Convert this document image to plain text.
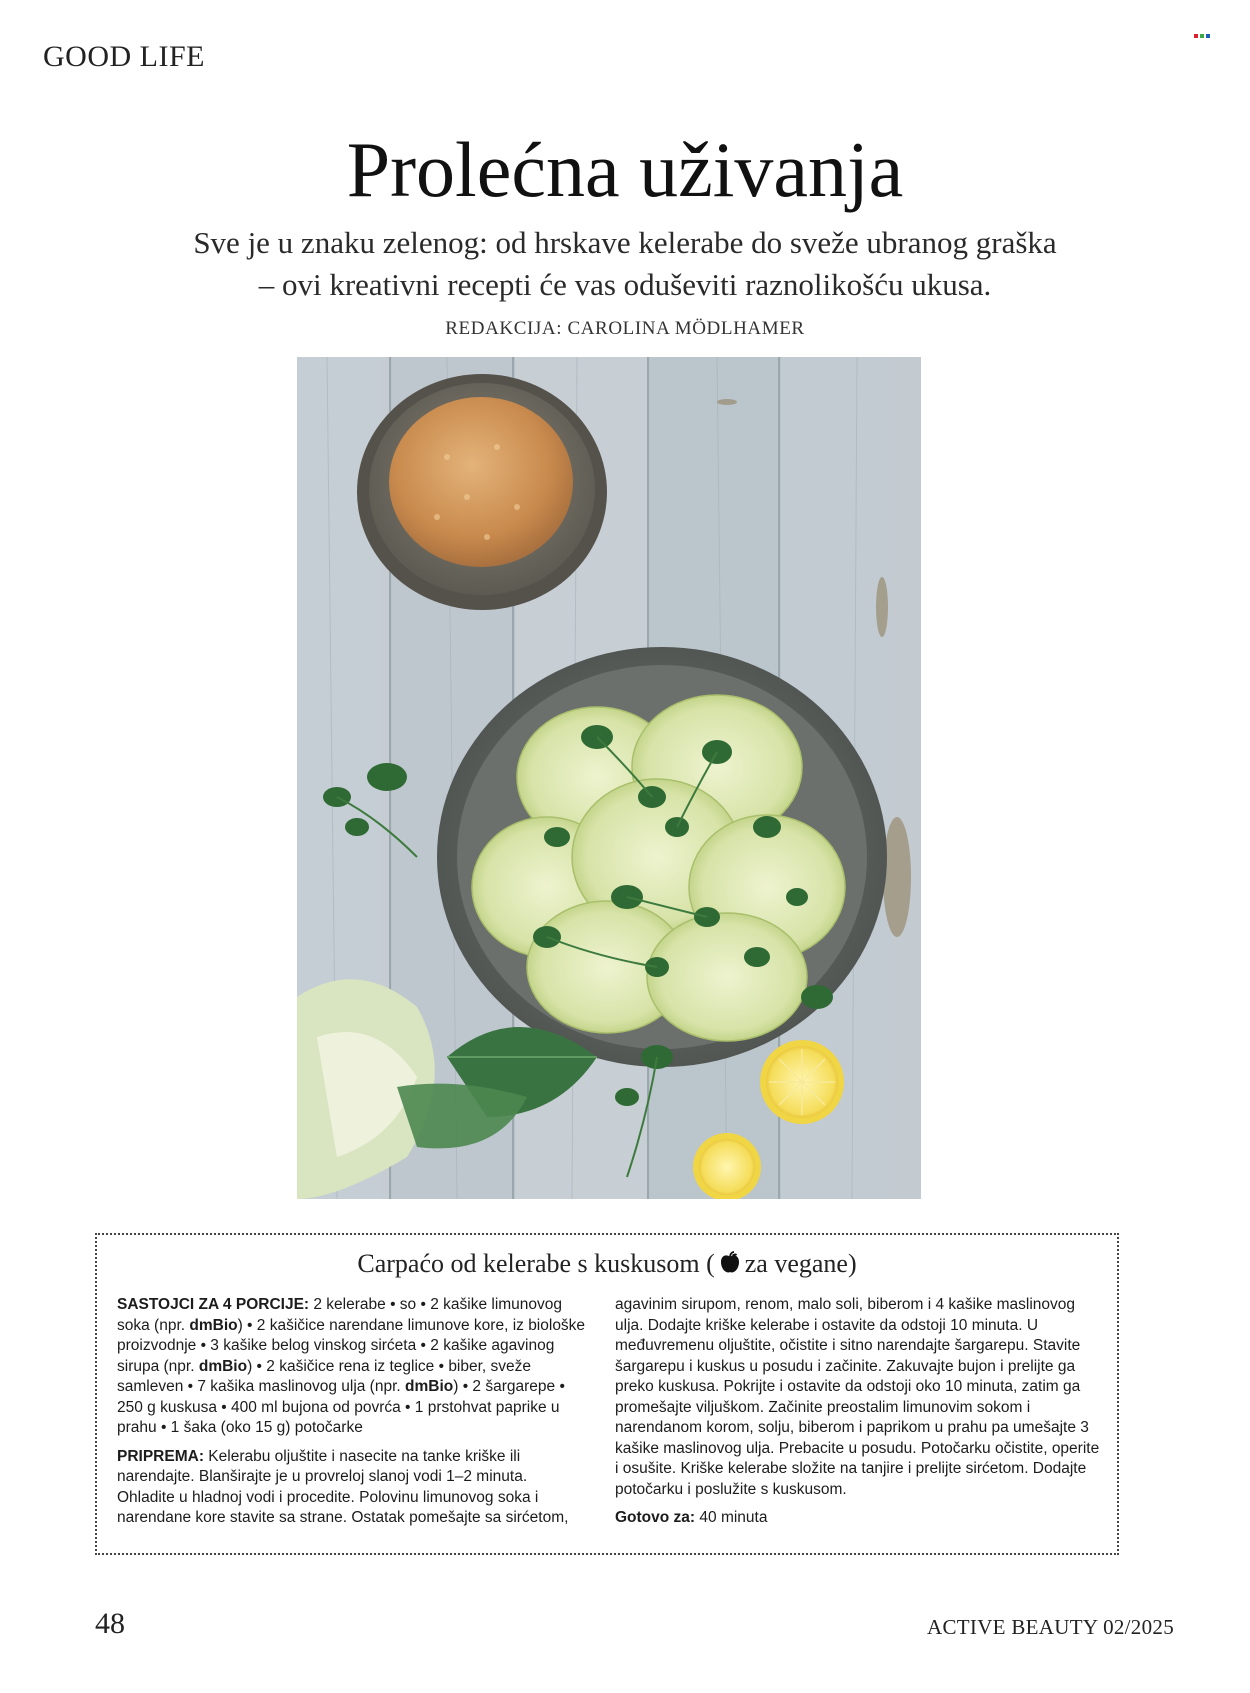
GOOD LIFE
Prolećna uživanja
Sve je u znaku zelenog: od hrskave kelerabe do sveže ubranog graška
– ovi kreativni recepti će vas oduševiti raznolikošću ukusa.
REDAKCIJA: CAROLINA MÖDLHAMER
Carpaćo od kelerabe s kuskusom ( za vegane)

SASTOJCI ZA 4 PORCIJE: 2 kelerabe • so • 2 kašike limunovog soka (npr. dmBio) • 2 kašičice narendane limunove kore, iz biološke proizvodnje • 3 kašike belog vinskog sirćeta • 2 kašike agavinog sirupa (npr. dmBio) • 2 kašičice rena iz teglice • biber, sveže samleven • 7 kašika maslinovog ulja (npr. dmBio) • 2 šargarepe • 250 g kuskusa • 400 ml bujona od povrća • 1 prstohvat paprike u prahu • 1 šaka (oko 15 g) potočarke

PRIPREMA: Kelerabu oljuštite i nasecite na tanke kriške ili narendajte. Blanširajte je u provreloj slanoj vodi 1–2 minuta. Ohladite u hladnoj vodi i procedite. Polovinu limunovog soka i narendane kore stavite sa strane. Ostatak pomešajte sa sirćetom,

agavinim sirupom, renom, malo soli, biberom i 4 kašike maslinovog ulja. Dodajte kriške kelerabe i ostavite da odstoji 10 minuta. U međuvremenu oljuštite, očistite i sitno narendajte šargarepu. Stavite šargarepu i kuskus u posudu i začinite. Zakuvajte bujon i prelijte ga preko kuskusa. Pokrijte i ostavite da odstoji oko 10 minuta, zatim ga promešajte viljuškom. Začinite preostalim limunovim sokom i narendanom korom, solju, biberom i paprikom u prahu pa umešajte 3 kašike maslinovog ulja. Prebacite u posudu. Potočarku očistite, operite i osušite. Kriške kelerabe složite na tanjire i prelijte sirćetom. Dodajte potočarku i poslužite s kuskusom.

Gotovo za: 40 minuta

48	ACTIVE BEAUTY 02/2025
